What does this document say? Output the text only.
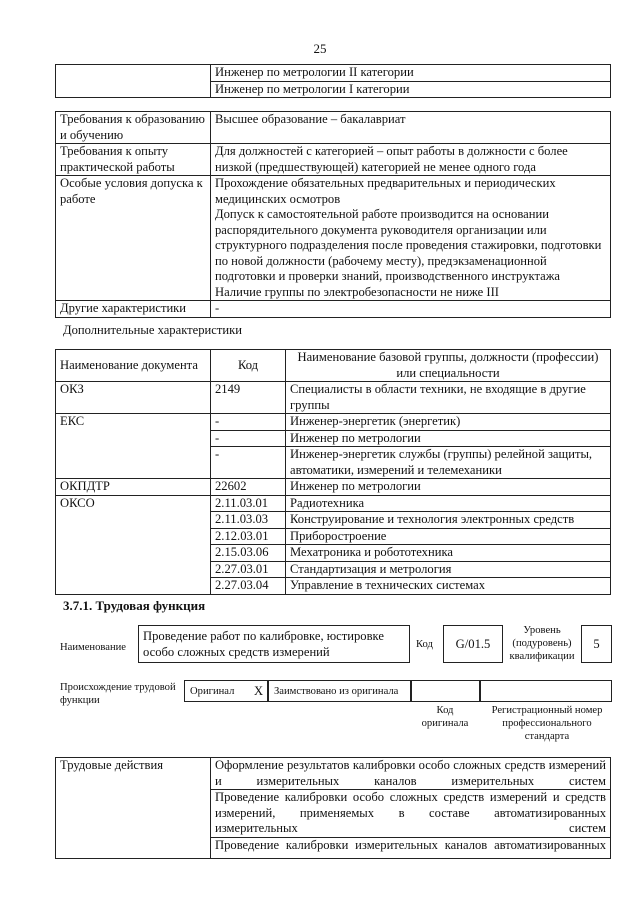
25
	Инженер по метрологии II категории
Инженер по метрологии I категории
Требования к образованию и обучению	Высшее образование – бакалавриат
Требования к опыту практической работы	Для должностей с категорией – опыт работы в должности с более низкой (предшествующей) категорией не менее одного года
Особые условия допуска к работе	Прохождение обязательных предварительных и периодических медицинских осмотров
Допуск к самостоятельной работе производится на основании распорядительного документа руководителя организации или структурного подразделения после проведения стажировки, подготовки по новой должности (рабочему месту), предэкзаменационной подготовки и проверки знаний, производственного инструктажа
Наличие группы по электробезопасности не ниже III

Другие характеристики	-
Дополнительные характеристики
Наименование документа	Код	Наименование базовой группы, должности (профессии) или специальности
ОКЗ	2149	Специалисты в области техники, не входящие в другие группы
ЕКС	-	Инженер-энергетик (энергетик)
	-	Инженер по метрологии
	-	Инженер-энергетик службы (группы) релейной защиты, автоматики, измерений и телемеханики
ОКПДТР	22602	Инженер по метрологии
ОКСО	2.11.03.01	Радиотехника
	2.11.03.03	Конструирование и технология электронных средств
	2.12.03.01	Приборостроение
	2.15.03.06	Мехатроника и робототехника
	2.27.03.01	Стандартизация и метрология
	2.27.03.04	Управление в технических системах
3.7.1. Трудовая функция
Наименование
Проведение работ по калибровке, юстировке особо сложных средств измерений	Код	G/01.5
Уровень (подуровень) квалификации
5
Происхождение трудовой функции
Оригинал X Заимствовано из оригинала
Код оригинала
Регистрационный номер профессионального стандарта
Трудовые действия	Оформление результатов калибровки особо сложных средств измерений и измерительных каналов измерительных систем
Проведение калибровки особо сложных средств измерений и средств измерений, применяемых в составе автоматизированных измерительных систем
Проведение калибровки измерительных каналов автоматизированных
